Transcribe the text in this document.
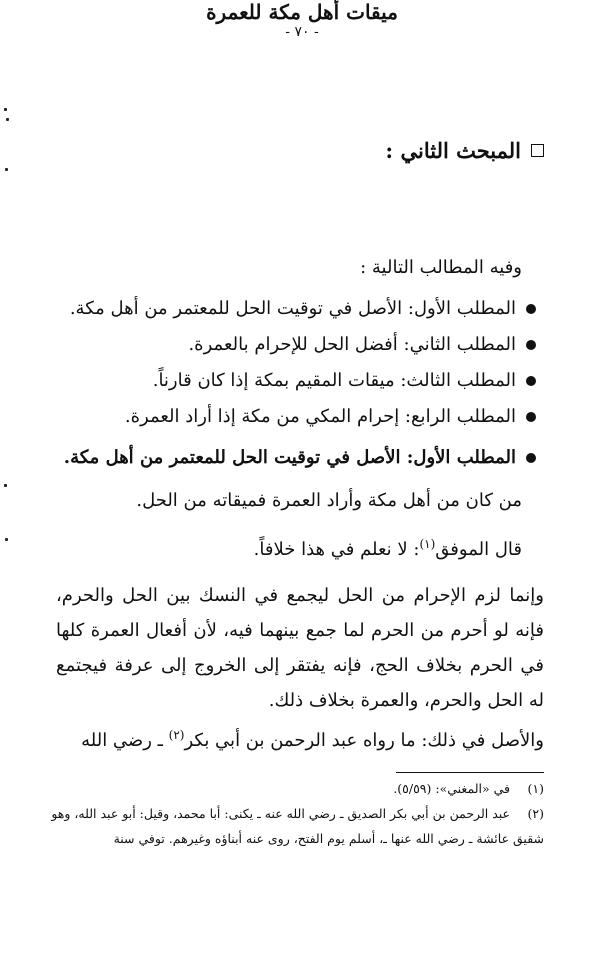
المبحث الثاني :
ميقات أهل مكة للعمرة
وفيه المطالب التالية :
المطلب الأول: الأصل في توقيت الحل للمعتمر من أهل مكة.
المطلب الثاني: أفضل الحل للإحرام بالعمرة.
المطلب الثالث: ميقات المقيم بمكة إذا كان قارناً.
المطلب الرابع: إحرام المكي من مكة إذا أراد العمرة.
المطلب الأول: الأصل في توقيت الحل للمعتمر من أهل مكة.
من كان من أهل مكة وأراد العمرة فميقاته من الحل.
قال الموفق$^{(١)}$: لا نعلم في هذا خلافاً.
وإنما لزم الإحرام من الحل ليجمع في النسك بين الحل والحرم، فإنه لو أحرم من الحرم لما جمع بينهما فيه، لأن أفعال العمرة كلها في الحرم بخلاف الحج، فإنه يفتقر إلى الخروج إلى عرفة فيجتمع له الحل والحرم، والعمرة بخلاف ذلك.
والأصل في ذلك: ما رواه عبد الرحمن بن أبي بكر$^{(٢)}$ ـ رضي الله
(١)في «المغني»: (٥/٥٩).
(٢)عبد الرحمن بن أبي بكر الصديق ـ رضي الله عنه ـ يكنى: أبا محمد، وقيل: أبو عبد الله، وهو
شقيق عائشة ـ رضي الله عنها ـ، أسلم يوم الفتح، روى عنه أبناؤه وغيرهم. توفي سنة
- ٧٠ -
